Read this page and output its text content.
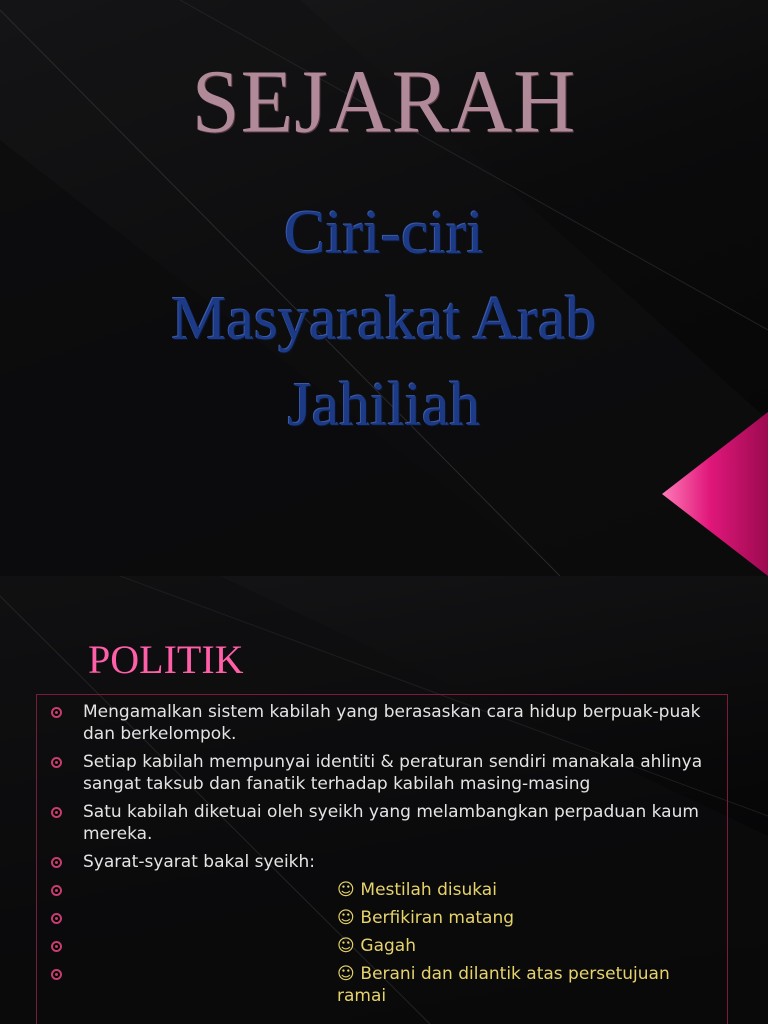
SEJARAH
Ciri-ciri
Masyarakat Arab
Jahiliah
POLITIK
Mengamalkan sistem kabilah yang berasaskan cara hidup berpuak-puak dan berkelompok.
Setiap kabilah mempunyai identiti & peraturan sendiri manakala ahlinya sangat taksub dan fanatik terhadap kabilah masing-masing
Satu kabilah diketuai oleh syeikh yang melambangkan perpaduan kaum mereka.
Syarat-syarat bakal syeikh:
☺ Mestilah disukai
☺ Berfikiran matang
☺ Gagah
☺ Berani dan dilantik atas persetujuan ramai
